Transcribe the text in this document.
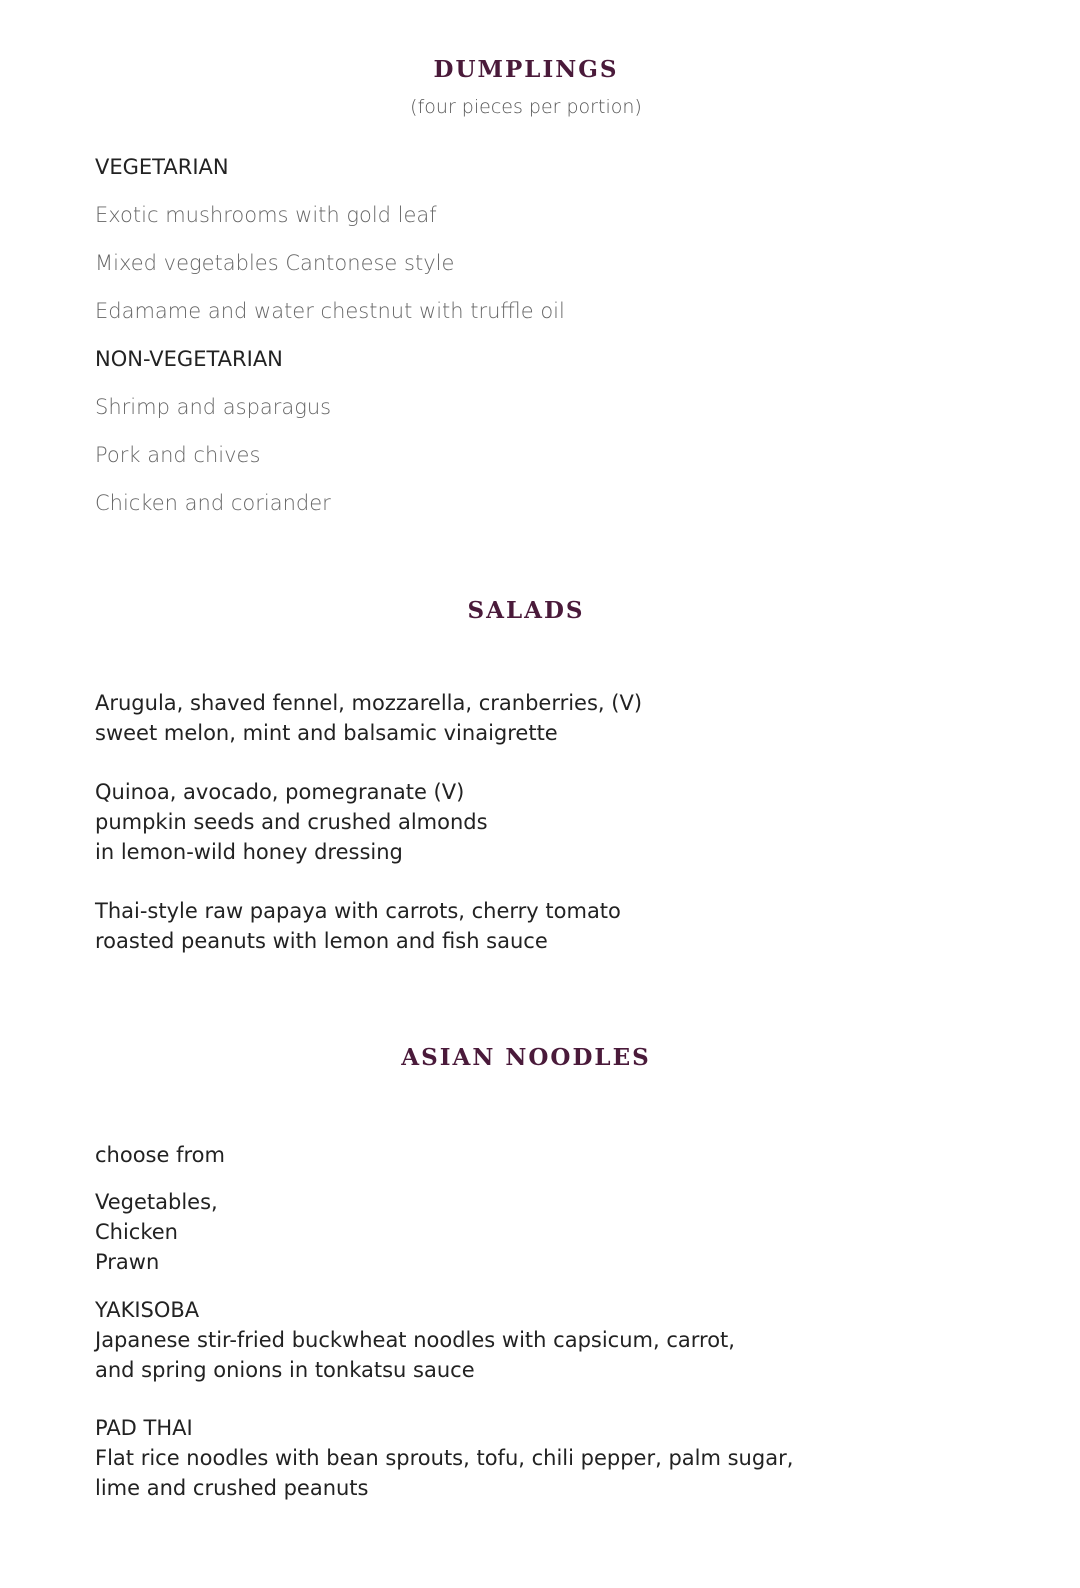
DUMPLINGS
(four pieces per portion)
VEGETARIAN
Exotic mushrooms with gold leaf
Mixed vegetables Cantonese style
Edamame and water chestnut with truffle oil
NON-VEGETARIAN
Shrimp and asparagus
Pork and chives
Chicken and coriander
SALADS
Arugula, shaved fennel, mozzarella, cranberries, (V)
sweet melon, mint and balsamic vinaigrette
Quinoa, avocado, pomegranate (V)
pumpkin seeds and crushed almonds
in lemon-wild honey dressing
Thai-style raw papaya with carrots, cherry tomato
roasted peanuts with lemon and fish sauce
ASIAN NOODLES
choose from
Vegetables,
Chicken
Prawn
YAKISOBA
Japanese stir-fried buckwheat noodles with capsicum, carrot,
and spring onions in tonkatsu sauce
PAD THAI
Flat rice noodles with bean sprouts, tofu, chili pepper, palm sugar,
lime and crushed peanuts
